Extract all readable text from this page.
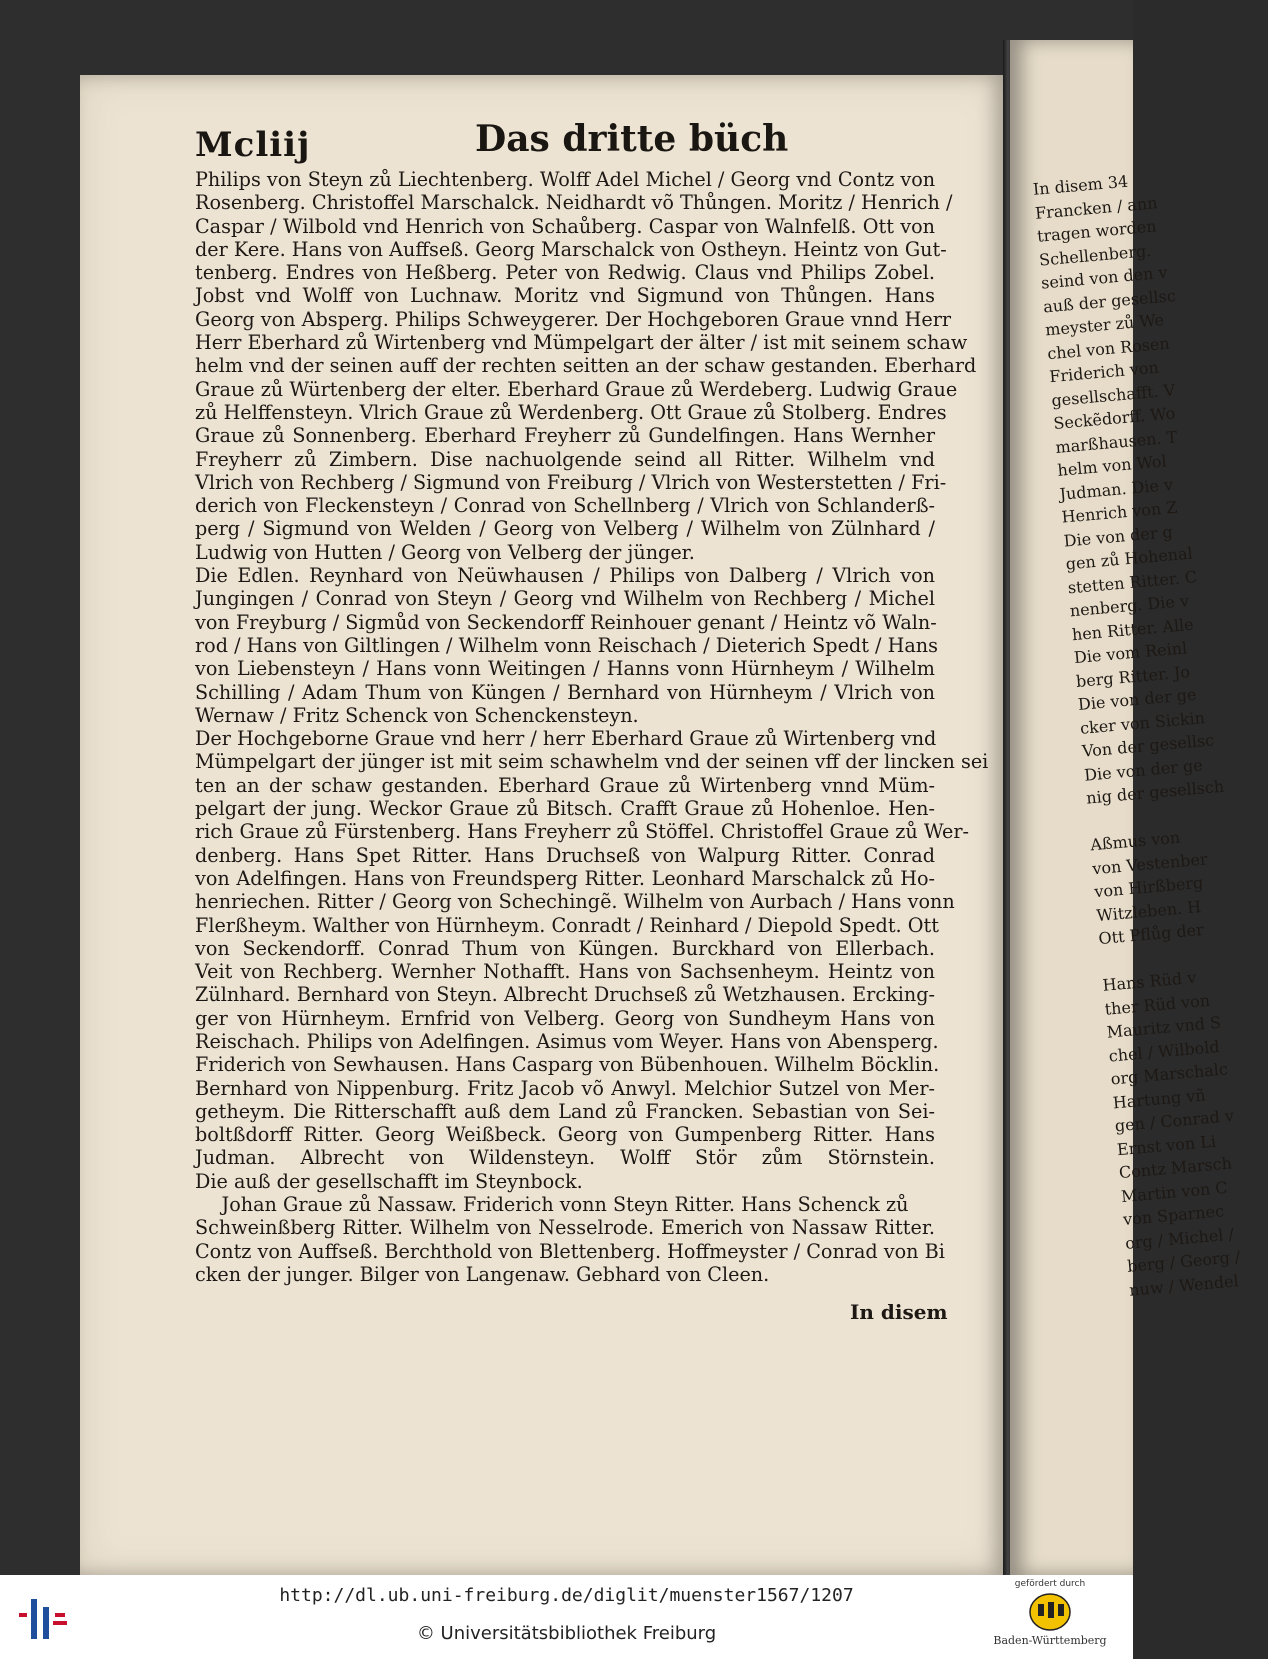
In disem 34
Francken / ann
tragen worden
Schellenberg.
seind von den v
auß der gesellsc
meyster zů We
chel von Rosen
Friderich von
gesellschafft. V
Seckẽdorff. Wo
marßhausen. T
helm von Wol
Judman. Die v
Henrich von Z
Die von der g
gen zů Hohenal
stetten Ritter. C
nenberg. Die v
hen Ritter. Alle
Die vom Reinl
berg Ritter. Jo
Die von der ge
cker von Sickin
Von der gesellsc
Die von der ge
nig der gesellsch

Aßmus von
von Vestenber
von Hirßberg
Witzleben. H
Ott Pflůg der

Hans Rüd v
ther Rüd von
Mauritz vnd S
chel / Wilbold
org Marschalc
Hartung vñ
gen / Conrad v
Ernst von Li
Contz Marsch
Martin von C
von Sparnec
org / Michel /
berg / Georg /
nuw / Wendel
Mcliij	Das dritte büch
Philips von Steyn zů Liechtenberg. Wolff Adel Michel / Georg vnd Contz von
Rosenberg. Christoffel Marschalck. Neidhardt võ Thůngen. Moritz / Henrich /
Caspar / Wilbold vnd Henrich von Schaůberg. Caspar von Walnfelß. Ott von
der Kere. Hans von Auffseß. Georg Marschalck von Ostheyn. Heintz von Gut-
tenberg. Endres von Heßberg. Peter von Redwig. Claus vnd Philips Zobel.
Jobst vnd Wolff von Luchnaw. Moritz vnd Sigmund von Thůngen. Hans
Georg von Absperg. Philips Schweygerer. Der Hochgeboren Graue vnnd Herr
Herr Eberhard zů Wirtenberg vnd Mümpelgart der älter / ist mit seinem schaw
helm vnd der seinen auff der rechten seitten an der schaw gestanden. Eberhard
Graue zů Würtenberg der elter. Eberhard Graue zů Werdeberg. Ludwig Graue
zů Helffensteyn. Vlrich Graue zů Werdenberg. Ott Graue zů Stolberg. Endres
Graue zů Sonnenberg. Eberhard Freyherr zů Gundelfingen. Hans Wernher
Freyherr zů Zimbern. Dise nachuolgende seind all Ritter. Wilhelm vnd
Vlrich von Rechberg / Sigmund von Freiburg / Vlrich von Westerstetten / Fri-
derich von Fleckensteyn / Conrad von Schellnberg / Vlrich von Schlanderß-
perg / Sigmund von Welden / Georg von Velberg / Wilhelm von Zülnhard /
Ludwig von Hutten / Georg von Velberg der jünger.
Die Edlen. Reynhard von Neüwhausen / Philips von Dalberg / Vlrich von
Jungingen / Conrad von Steyn / Georg vnd Wilhelm von Rechberg / Michel
von Freyburg / Sigmůd von Seckendorff Reinhouer genant / Heintz võ Waln-
rod / Hans von Giltlingen / Wilhelm vonn Reischach / Dieterich Spedt / Hans
von Liebensteyn / Hans vonn Weitingen / Hanns vonn Hürnheym / Wilhelm
Schilling / Adam Thum von Küngen / Bernhard von Hürnheym / Vlrich von
Wernaw / Fritz Schenck von Schenckensteyn.
Der Hochgeborne Graue vnd herr / herr Eberhard Graue zů Wirtenberg vnd
Mümpelgart der jünger ist mit seim schawhelm vnd der seinen vff der lincken sei
ten an der schaw gestanden. Eberhard Graue zů Wirtenberg vnnd Müm-
pelgart der jung. Weckor Graue zů Bitsch. Crafft Graue zů Hohenloe. Hen-
rich Graue zů Fürstenberg. Hans Freyherr zů Stöffel. Christoffel Graue zů Wer-
denberg. Hans Spet Ritter. Hans Druchseß von Walpurg Ritter. Conrad
von Adelfingen. Hans von Freundsperg Ritter. Leonhard Marschalck zů Ho-
henriechen. Ritter / Georg von Schechingẽ. Wilhelm von Aurbach / Hans vonn
Flerßheym. Walther von Hürnheym. Conradt / Reinhard / Diepold Spedt. Ott
von Seckendorff. Conrad Thum von Küngen. Burckhard von Ellerbach.
Veit von Rechberg. Wernher Nothafft. Hans von Sachsenheym. Heintz von
Zülnhard. Bernhard von Steyn. Albrecht Druchseß zů Wetzhausen. Ercking-
ger von Hürnheym. Ernfrid von Velberg. Georg von Sundheym Hans von
Reischach. Philips von Adelfingen. Asimus vom Weyer. Hans von Abensperg.
Friderich von Sewhausen. Hans Casparg von Bübenhouen. Wilhelm Böcklin.
Bernhard von Nippenburg. Fritz Jacob võ Anwyl. Melchior Sutzel von Mer-
getheym. Die Ritterschafft auß dem Land zů Francken. Sebastian von Sei-
boltßdorff Ritter. Georg Weißbeck. Georg von Gumpenberg Ritter. Hans
Judman. Albrecht von Wildensteyn. Wolff Stör zům Störnstein.
Die auß der gesellschafft im Steynbock.
Johan Graue zů Nassaw. Friderich vonn Steyn Ritter. Hans Schenck zů
Schweinßberg Ritter. Wilhelm von Nesselrode. Emerich von Nassaw Ritter.
Contz von Auffseß. Berchthold von Blettenberg. Hoffmeyster / Conrad von Bi
cken der junger. Bilger von Langenaw. Gebhard von Cleen.
In disem
http://dl.ub.uni-freiburg.de/diglit/muenster1567/1207
© Universitätsbibliothek Freiburg
gefördert durch
Baden-Württemberg
